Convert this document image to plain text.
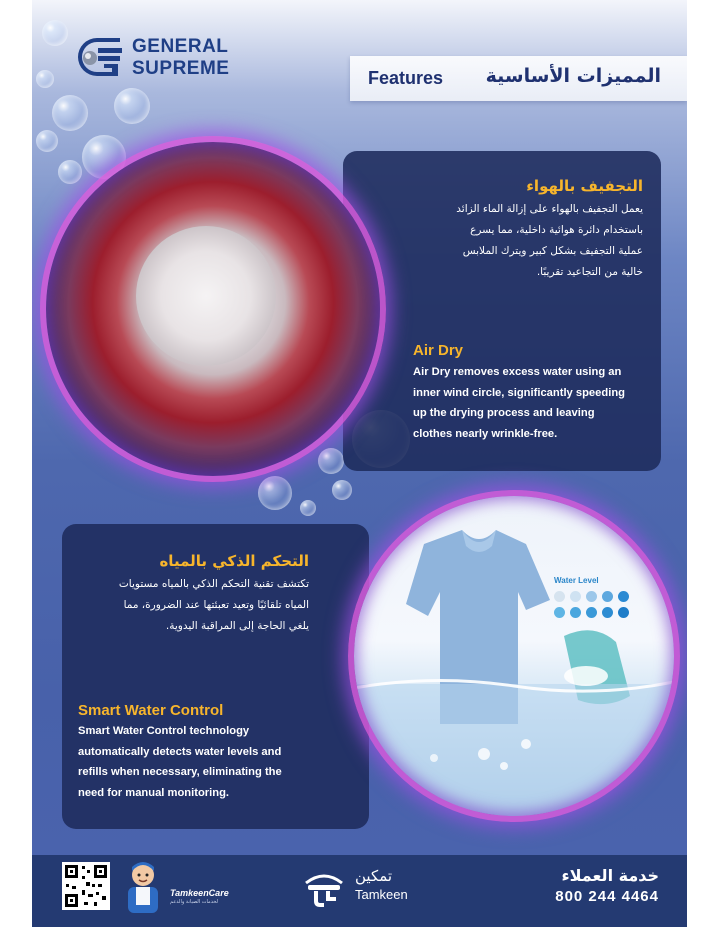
GENERAL
SUPREME	Features المميزات الأساسية
التجفيف بالهواء
يعمل التجفيف بالهواء على إزالة الماء الزائد
باستخدام دائرة هوائية داخلية، مما يسرع
عملية التجفيف بشكل كبير ويترك الملابس
خالية من التجاعيد تقريبًا.
Air Dry
Air Dry removes excess water using an
inner wind circle, significantly speeding
up the drying process and leaving
clothes nearly wrinkle-free.
التحكم الذكي بالمياه
تكتشف تقنية التحكم الذكي بالمياه مستويات
المياه تلقائيًا وتعيد تعبئتها عند الضرورة، مما
يلغي الحاجة إلى المراقبة اليدوية.
Smart Water Control
Smart Water Control technology
automatically detects water levels and
refills when necessary, eliminating the
need for manual monitoring.
Water Level
TamkeenCare
لخدمات الصيانة والدعم
تمكين
Tamkeen
خدمة العملاء
800 244 4464
